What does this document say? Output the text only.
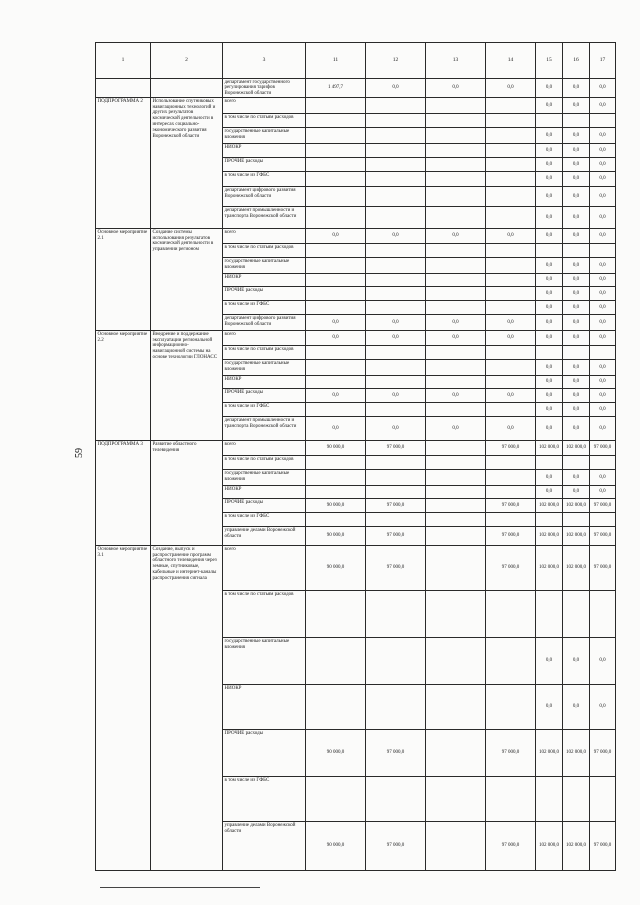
59
1	2	3	11	12	13	14	15	16	17
		департамент государственного регулирования тарифов Воронежской области	1 497,7	0,0	0,0	0,0	0,0	0,0	0,0
ПОДПРОГРАММА 2	Использование спутниковых навигационных технологий и других результатов космической деятельности в интересах социально-экономического развития Воронежской области	всего					0,0	0,0	0,0
		в том числе по статьям расходов							
		государственные капитальные вложения					0,0	0,0	0,0
		НИОКР					0,0	0,0	0,0
		ПРОЧИЕ расходы					0,0	0,0	0,0
		в том числе из ГФБС					0,0	0,0	0,0
		департамент цифрового развития Воронежской области					0,0	0,0	0,0
		департамент промышленности и транспорта Воронежской области					0,0	0,0	0,0
Основное мероприятие 2.1	Создание системы использования результатов космической деятельности в управлении регионом	всего	0,0	0,0	0,0	0,0	0,0	0,0	0,0
		в том числе по статьям расходов							
		государственные капитальные вложения					0,0	0,0	0,0
		НИОКР					0,0	0,0	0,0
		ПРОЧИЕ расходы					0,0	0,0	0,0
		в том числе из ГФБС					0,0	0,0	0,0
		департамент цифрового развития Воронежской области	0,0	0,0	0,0	0,0	0,0	0,0	0,0
Основное мероприятие 2.2	Внедрение и поддержание эксплуатации региональной информационно-навигационной системы на основе технологии ГЛОНАСС	всего	0,0	0,0	0,0	0,0	0,0	0,0	0,0
		в том числе по статьям расходов							
		государственные капитальные вложения					0,0	0,0	0,0
		НИОКР					0,0	0,0	0,0
		ПРОЧИЕ расходы	0,0	0,0	0,0	0,0	0,0	0,0	0,0
		в том числе из ГФБС					0,0	0,0	0,0
		департамент промышленности и транспорта Воронежской области	0,0	0,0	0,0	0,0	0,0	0,0	0,0
ПОДПРОГРАММА 3	Развитие областного телевидения	всего	90 000,0	97 000,0		97 000,0	102 000,0	102 000,0	97 000,0
		в том числе по статьям расходов							
		государственные капитальные вложения					0,0	0,0	0,0
		НИОКР					0,0	0,0	0,0
		ПРОЧИЕ расходы	90 000,0	97 000,0		97 000,0	102 000,0	102 000,0	97 000,0
		в том числе из ГФБС							
		управление делами Воронежской области	90 000,0	97 000,0		97 000,0	102 000,0	102 000,0	97 000,0
Основное мероприятие 3.1	Создание, выпуск и распространение программ областного телевидения через земные, спутниковые, кабельные и интернет-каналы распространения сигнала	всего	90 000,0	97 000,0		97 000,0	102 000,0	102 000,0	97 000,0
		в том числе по статьям расходов							
		государственные капитальные вложения					0,0	0,0	0,0
		НИОКР					0,0	0,0	0,0
		ПРОЧИЕ расходы	90 000,0	97 000,0		97 000,0	102 000,0	102 000,0	97 000,0
		в том числе из ГФБС							
		управление делами Воронежской области	90 000,0	97 000,0		97 000,0	102 000,0	102 000,0	97 000,0
